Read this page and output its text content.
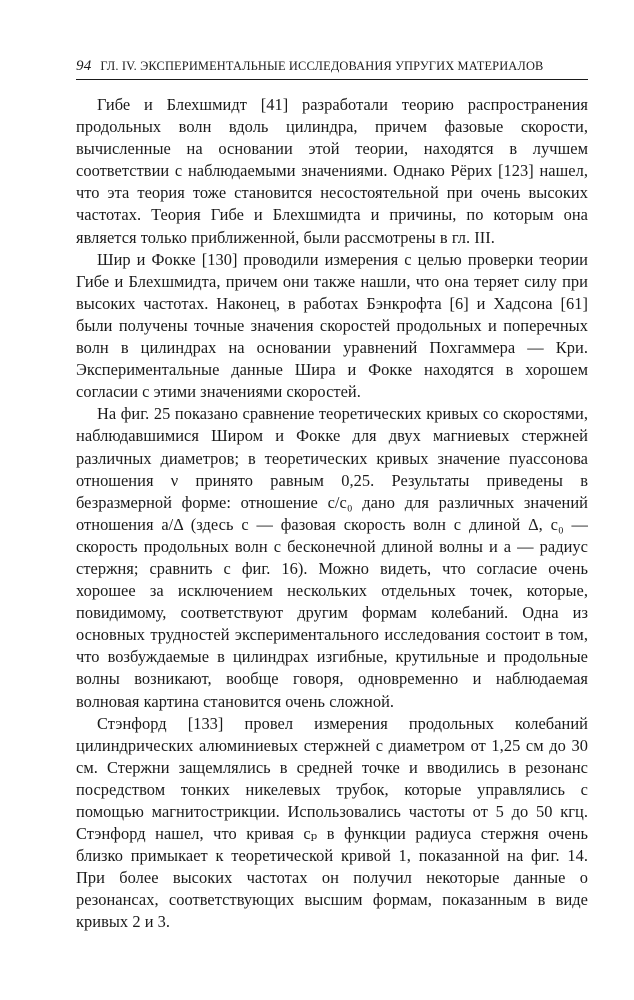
94 ГЛ. IV. ЭКСПЕРИМЕНТАЛЬНЫЕ ИССЛЕДОВАНИЯ УПРУГИХ МАТЕРИАЛОВ

Гибе и Блехшмидт [41] разработали теорию распространения продольных волн вдоль цилиндра, причем фазовые скорости, вычисленные на основании этой теории, находятся в лучшем соответствии с наблюдаемыми значениями. Однако Рёрих [123] нашел, что эта теория тоже становится несостоятельной при очень высоких частотах. Теория Гибе и Блехшмидта и причины, по которым она является только приближенной, были рассмотрены в гл. III.

Шир и Фокке [130] проводили измерения с целью проверки теории Гибе и Блехшмидта, причем они также нашли, что она теряет силу при высоких частотах. Наконец, в работах Бэнкрофта [6] и Хадсона [61] были получены точные значения скоростей продольных и поперечных волн в цилиндрах на основании уравнений Похгаммера — Кри. Экспериментальные данные Шира и Фокке находятся в хорошем согласии с этими значениями скоростей.

На фиг. 25 показано сравнение теоретических кривых со скоростями, наблюдавшимися Широм и Фокке для двух магниевых стержней различных диаметров; в теоретических кривых значение пуассонова отношения ν принято равным 0,25. Результаты приведены в безразмерной форме: отношение c/c₀ дано для различных значений отношения a/Δ (здесь c — фазовая скорость волн с длиной Δ, c₀ — скорость продольных волн с бесконечной длиной волны и a — радиус стержня; сравнить с фиг. 16). Можно видеть, что согласие очень хорошее за исключением нескольких отдельных точек, которые, повидимому, соответствуют другим формам колебаний. Одна из основных трудностей экспериментального исследования состоит в том, что возбуждаемые в цилиндрах изгибные, крутильные и продольные волны возникают, вообще говоря, одновременно и наблюдаемая волновая картина становится очень сложной.

Стэнфорд [133] провел измерения продольных колебаний цилиндрических алюминиевых стержней с диаметром от 1,25 см до 30 см. Стержни защемлялись в средней точке и вводились в резонанс посредством тонких никелевых трубок, которые управлялись с помощью магнитострикции. Использовались частоты от 5 до 50 кгц. Стэнфорд нашел, что кривая cₚ в функции радиуса стержня очень близко примыкает к теоретической кривой 1, показанной на фиг. 14. При более высоких частотах он получил некоторые данные о резонансах, соответствующих высшим формам, показанным в виде кривых 2 и 3.
